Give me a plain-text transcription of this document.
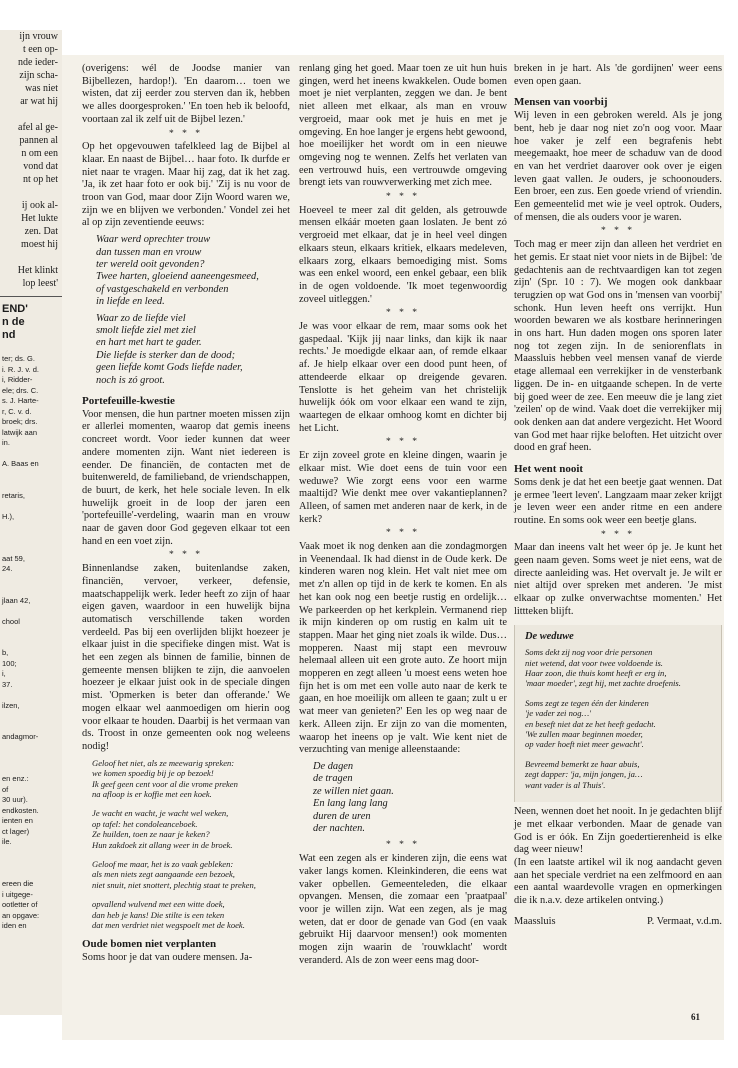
ijn vrouw
t een op-
nde ieder-
zijn scha-
was niet
ar wat hij

afel al ge-
pannen al
n om een
vond dat
nt op het

ij ook al-
Het lukte
zen. Dat
moest hij

Het klinkt
lop leest'
END'
n de
nd
ter; ds. G.
i. R. J. v. d.
i, Ridder-
ele; drs. C.
s. J. Harte-
r, C. v. d.
broek; drs.
latwijk aan
in.

A. Baas en

retaris,

H.),

aat 59,
24.

jlaan 42,

chool

b,
100;
i,
37.

ilzen,

andagmor-

en enz.:
of
30 uur).
endkosten.
ienten en
ct lager)
ile.

ereen die
i uitgege-
ootletter of
an opgave:
iden en

(overigens: wél de Joodse manier van Bijbellezen, hardop!). 'En daarom… toen we wisten, dat zij eerder zou sterven dan ik, hebben we alles doorgesproken.' 'En toen heb ik beloofd, voortaan zal ik zelf uit de Bijbel lezen.'

* * *

Op het opgevouwen tafelkleed lag de Bijbel al klaar. En naast de Bijbel… haar foto. Ik durfde er niet naar te vragen. Maar hij zag, dat ik het zag. 'Ja, ik zet haar foto er ook bij.' 'Zij is nu voor de troon van God, maar door Zijn Woord waren we, zijn we en blijven we verbonden.' Vondel zei het al op zijn zeventiende eeuws:

Waar werd oprechter trouw
dan tussen man en vrouw
ter wereld ooit gevonden?
Twee harten, gloeiend aaneengesmeed,
of vastgeschakeld en verbonden
in liefde en leed.
Waar zo de liefde viel
smolt liefde ziel met ziel
en hart met hart te gader.
Die liefde is sterker dan de dood;
geen liefde komt Gods liefde nader,
noch is zó groot.
Portefeuille-kwestie

Voor mensen, die hun partner moeten missen zijn er allerlei momenten, waarop dat gemis ineens concreet wordt. Voor ieder kunnen dat weer andere momenten zijn. Want niet iedereen is eender. De financiën, de contacten met de buitenwereld, de familieband, de vriendschappen, de buurt, de kerk, het hele sociale leven. In elk huwelijk groeit in de loop der jaren een 'portefeuille'-verdeling, waarin man en vrouw naar de gaven door God gegeven elkaar tot een hand en een voet zijn.

* * *

Binnenlandse zaken, buitenlandse zaken, financiën, vervoer, verkeer, defensie, maatschappelijk werk. Ieder heeft zo zijn of haar eigen gaven, waardoor in een huwelijk bijna automatisch verschillende taken worden verdeeld. Pas bij een overlijden blijkt hoezeer je elkaar juist in die specifieke dingen mist. Wat is het een zegen als binnen de familie, binnen de gemeente mensen blijken te zijn, die aanvoelen hoezeer je elkaar juist ook in de speciale dingen mist. 'Opmerken is beter dan offerande.' We mogen elkaar wel aanmoedigen om hierin oog voor elkaar te houden. Daarbij is het vermaan van ds. Troost in onze gemeenten ook nog weleens nodig!

Geloof het niet, als ze meewarig spreken:
we komen spoedig bij je op bezoek!
Ik geef geen cent voor al die vrome preken
na afloop is er koffie met een koek.
Je wacht en wacht, je wacht wel weken,
op tafel: het condoleanceboek.
Ze huilden, toen ze naar je keken?
Hun zakdoek zit allang weer in de broek.
Geloof me maar, het is zo vaak gebleken:
als men niets zegt aangaande een bezoek,
niet snuit, niet snottert, plechtig staat te preken,
opvallend wulvend met een witte doek,
dan heb je kans! Die stilte is een teken
dat men verdriet niet wegspoelt met de koek.
Oude bomen niet verplanten

Soms hoor je dat van oudere mensen. Ja-

renlang ging het goed. Maar toen ze uit hun huis gingen, werd het ineens kwakkelen. Oude bomen moet je niet verplanten, zeggen we dan. Je bent niet alleen met elkaar, als man en vrouw vergroeid, maar ook met je huis en met je omgeving. En hoe langer je ergens hebt gewoond, hoe moeilijker het wordt om in een nieuwe omgeving nog te wennen. Zelfs het verlaten van een vertrouwd huis, een vertrouwde omgeving brengt iets van rouwverwerking met zich mee.

* * *

Hoeveel te meer zal dit gelden, als getrouwde mensen elkáár moeten gaan loslaten. Je bent zó vergroeid met elkaar, dat je in heel veel dingen elkaars steun, elkaars kritiek, elkaars medeleven, elkaars zorg, elkaars bemoediging mist. Soms was een enkel woord, een enkel gebaar, een blik in de ogen voldoende. 'Ik moet tegenwoordig zoveel uitleggen.'

* * *

Je was voor elkaar de rem, maar soms ook het gaspedaal. 'Kijk jij naar links, dan kijk ik naar rechts.' Je moedigde elkaar aan, of remde elkaar af. Je hielp elkaar over een dood punt heen, of attendeerde elkaar op dreigende gevaren. Tenslotte is het geheim van het christelijk huwelijk óók om voor elkaar een wand te zijn, waartegen de elkaar omhoog komt en dichter bij het Licht.

* * *

Er zijn zoveel grote en kleine dingen, waarin je elkaar mist. Wie doet eens de tuin voor een weduwe? Wie zorgt eens voor een warme maaltijd? Wie denkt mee over vakantieplannen? Alleen, of samen met anderen naar de kerk, in de kerk?

* * *

Vaak moet ik nog denken aan die zondagmorgen in Veenendaal. Ik had dienst in de Oude kerk. De kinderen waren nog klein. Het valt niet mee om met z'n allen op tijd in de kerk te komen. En als het kan ook nog een beetje rustig en ordelijk… We parkeerden op het kerkplein. Vermanend riep ik mijn kinderen op om rustig en kalm uit te stappen. Maar het ging niet zoals ik wilde. Dus… mopperen. Naast mij stapt een mevrouw helemaal alleen uit een grote auto. Ze hoort mijn mopperen en zegt alleen 'u moest eens weten hoe fijn het is om met een volle auto naar de kerk te gaan, en hoe moeilijk om alleen te gaan; zult u er wat meer van genieten?' Een les op weg naar de kerk. Alleen zijn. Er zijn zo van die momenten, waarop het ineens op je valt. Wie kent niet de verzuchting van menige alleenstaande:

De dagen
de tragen
ze willen niet gaan.
En lang lang lang
duren de uren
der nachten.
* * *

Wat een zegen als er kinderen zijn, die eens wat vaker langs komen. Kleinkinderen, die eens wat vaker opbellen. Gemeenteleden, die elkaar opvangen. Mensen, die zomaar een 'praatpaal' voor je willen zijn. Wat een zegen, als je mag weten, dat er door de genade van God (en vaak gebruikt Hij daarvoor mensen!) ook momenten mogen zijn waarin de 'rouwklacht' wordt veranderd. Als de zon weer eens mag door-

breken in je hart. Als 'de gordijnen' weer eens even open gaan.

Mensen van voorbij

Wij leven in een gebroken wereld. Als je jong bent, heb je daar nog niet zo'n oog voor. Maar hoe vaker je zelf een begrafenis hebt meegemaakt, hoe meer de schaduw van de dood en van het verdriet daarover ook over je eigen leven gaat vallen. Je ouders, je schoonouders. Een broer, een zus. Een goede vriend of vriendin. Een gemeentelid met wie je veel optrok. Ouders, of mensen, die als ouders voor je waren.

* * *

Toch mag er meer zijn dan alleen het verdriet en het gemis. Er staat niet voor niets in de Bijbel: 'de gedachtenis aan de rechtvaardigen kan tot zegen zijn' (Spr. 10 : 7). We mogen ook dankbaar terugzien op wat God ons in 'mensen van voorbij' schonk. Hun leven heeft ons verrijkt. Hun woorden bewaren we als kostbare herinneringen in ons hart. Hun daden mogen ons sporen later nog tot zegen zijn. In de seniorenflats in Maassluis hebben veel mensen vanaf de vierde etage allemaal een verrekijker in de vensterbank liggen. De in- en uitgaande schepen. In de verte bij goed weer de zee. Een meeuw die je lang ziet 'zeilen' op de wind. Vaak doet die verrekijker mij ook denken aan dat andere vergezicht. Het Woord van God met haar rijke beloften. Het uitzicht over dood en graf heen.

Het went nooit

Soms denk je dat het een beetje gaat wennen. Dat je ermee 'leert leven'. Langzaam maar zeker krijgt je leven weer een ander ritme en een andere routine. En soms ook weer een beetje glans.

* * *

Maar dan ineens valt het weer óp je. Je kunt het geen naam geven. Soms weet je niet eens, wat de directe aanleiding was. Het overvalt je. Je wilt er niet altijd over spreken met anderen. 'Je mist elkaar op zulke onverwachtse momenten.' Het littteken blijft.

De weduwe
Soms dekt zij nog voor drie personen
niet wetend, dat voor twee voldoende is.
Haar zoon, die thuis komt heeft er erg in,
'maar moeder', zegt hij, met zachte droefenis.
Soms zegt ze tegen één der kinderen
'je vader zei nog…'
en beseft niet dat ze het heeft gedacht.
'We zullen maar beginnen moeder,
op vader hoeft niet meer gewacht'.
Bevreemd bemerkt ze haar abuis,
zegt dapper: 'ja, mijn jongen, ja…
want vader is al Thuis'.

Neen, wennen doet het nooit. In je gedachten blijf je met elkaar verbonden. Maar de genade van God is er óók. En Zijn goedertierenheid is elke dag weer nieuw!

(In een laatste artikel wil ik nog aandacht geven aan het speciale verdriet na een zelfmoord en aan een aantal waardevolle vragen en opmerkingen die ik n.a.v. deze artikelen ontving.)

Maassluis	P. Vermaat, v.d.m.
61
